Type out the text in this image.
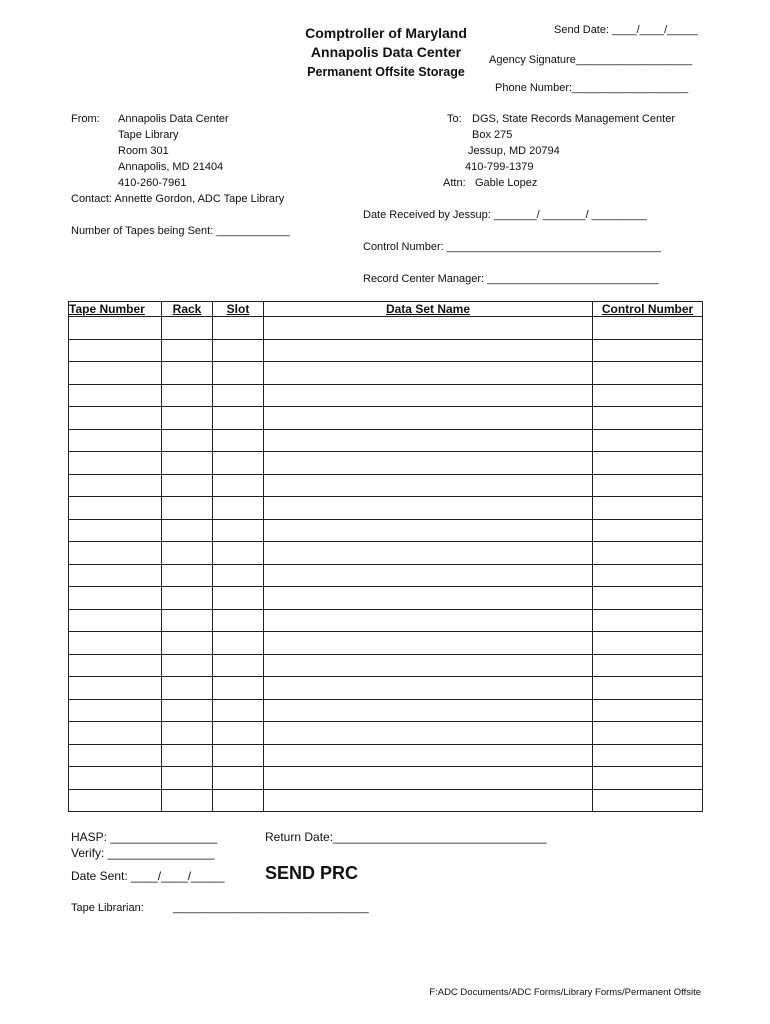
Comptroller of Maryland
Annapolis Data Center
Permanent Offsite Storage
Send Date: ____/____/_____
Agency Signature___________________
Phone Number:___________________
From: Annapolis Data Center
Tape Library
Room 301
Annapolis, MD 21404
410-260-7961
Contact: Annette Gordon, ADC Tape Library
To: DGS, State Records Management Center
Box 275
Jessup, MD 20794
410-799-1379
Attn: Gable Lopez
Date Received by Jessup: _______/ _______/ _________
Number of Tapes being Sent: ____________
Control Number: ___________________________________
Record Center Manager: ____________________________
Tape Number	Rack	Slot	Data Set Name	Control Number

HASP: ________________
Verify: ________________
Date Sent: ____/____/_____
Return Date:________________________________
SEND PRC
Tape Librarian:	________________________________
F:ADC Documents/ADC Forms/Library Forms/Permanent Offsite
